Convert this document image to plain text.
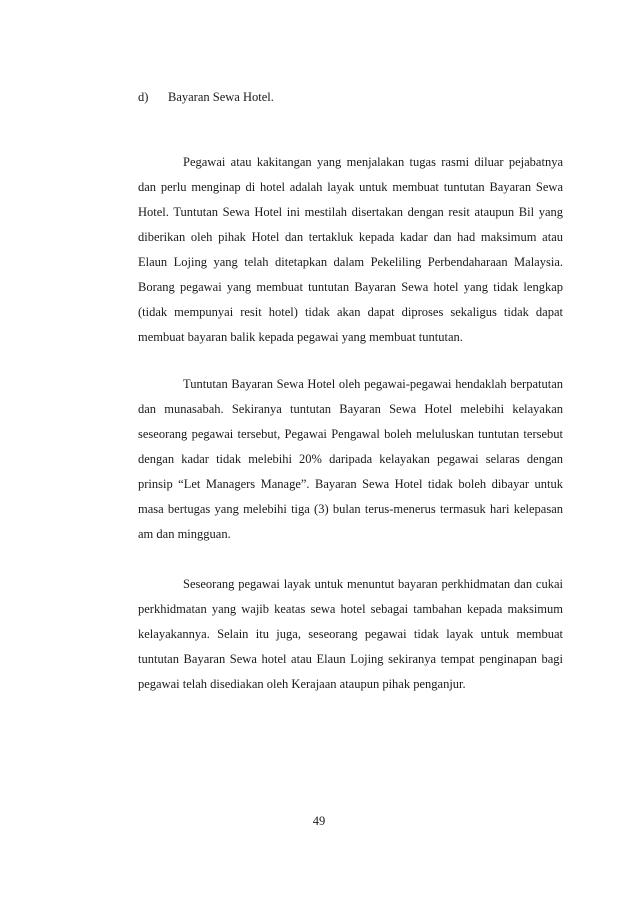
d)	Bayaran Sewa Hotel.

Pegawai atau kakitangan yang menjalakan tugas rasmi diluar pejabatnya dan perlu menginap di hotel adalah layak untuk membuat tuntutan Bayaran Sewa Hotel. Tuntutan Sewa Hotel ini mestilah disertakan dengan resit ataupun Bil yang diberikan oleh pihak Hotel dan tertakluk kepada kadar dan had maksimum atau Elaun Lojing yang telah ditetapkan dalam Pekeliling Perbendaharaan Malaysia. Borang pegawai yang membuat tuntutan Bayaran Sewa hotel yang tidak lengkap (tidak mempunyai resit hotel) tidak akan dapat diproses sekaligus tidak dapat membuat bayaran balik kepada pegawai yang membuat tuntutan.

Tuntutan Bayaran Sewa Hotel oleh pegawai-pegawai hendaklah berpatutan dan munasabah. Sekiranya tuntutan Bayaran Sewa Hotel melebihi kelayakan seseorang pegawai tersebut, Pegawai Pengawal boleh meluluskan tuntutan tersebut dengan kadar tidak melebihi 20% daripada kelayakan pegawai selaras dengan prinsip “Let Managers Manage”. Bayaran Sewa Hotel tidak boleh dibayar untuk masa bertugas yang melebihi tiga (3) bulan terus-menerus termasuk hari kelepasan am dan mingguan.

Seseorang pegawai layak untuk menuntut bayaran perkhidmatan dan cukai perkhidmatan yang wajib keatas sewa hotel sebagai tambahan kepada maksimum kelayakannya. Selain itu juga, seseorang pegawai tidak layak untuk membuat tuntutan Bayaran Sewa hotel atau Elaun Lojing sekiranya tempat penginapan bagi pegawai telah disediakan oleh Kerajaan ataupun pihak penganjur.

49
